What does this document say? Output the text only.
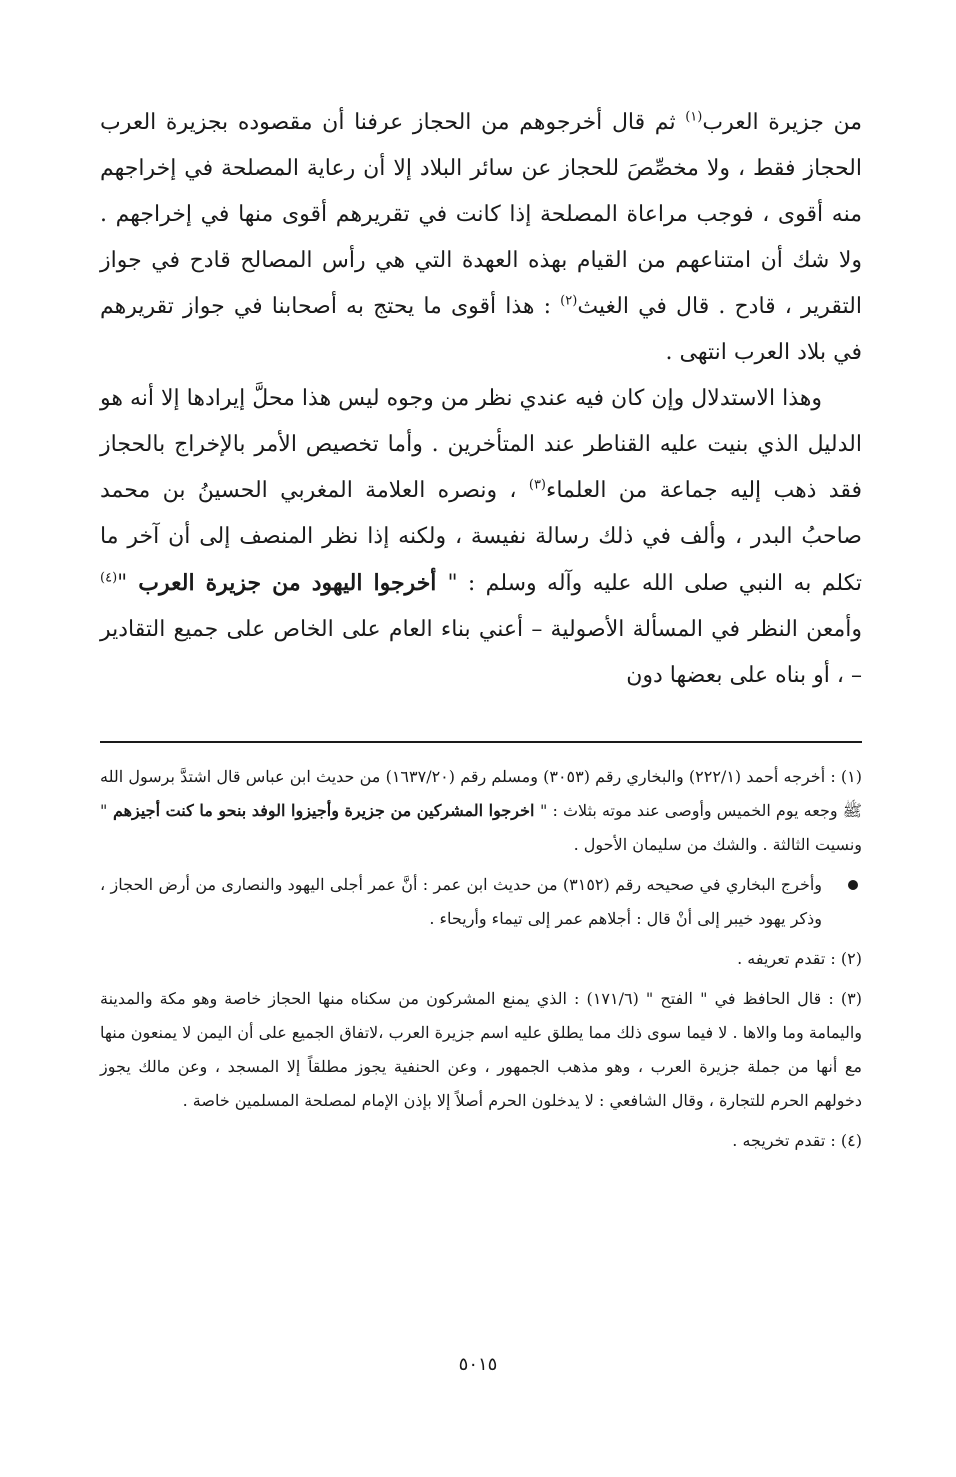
من جزيرة العرب$^{(١)}$ ثم قال أخرجوهم من الحجاز عرفنا أن مقصوده بجزيرة العرب الحجاز فقط ، ولا مخصِّصَ للحجاز عن سائر البلاد إلا أن رعاية المصلحة في إخراجهم منه أقوى ، فوجب مراعاة المصلحة إذا كانت في تقريرهم أقوى منها في إخراجهم . ولا شك أن امتناعهم من القيام بهذه العهدة التي هي رأس المصالح قادح في جواز التقرير ، قادح . قال في الغيث$^{(٢)}$ : هذا أقوى ما يحتج به أصحابنا في جواز تقريرهم في بلاد العرب انتهى .

وهذا الاستدلال وإن كان فيه عندي نظر من وجوه ليس هذا محلَّ إيرادها إلا أنه هو الدليل الذي بنيت عليه القناطر عند المتأخرين . وأما تخصيص الأمر بالإخراج بالحجاز فقد ذهب إليه جماعة من العلماء$^{(٣)}$ ، ونصره العلامة المغربي الحسينُ بن محمد صاحبُ البدر ، وألف في ذلك رسالة نفيسة ، ولكنه إذا نظر المنصف إلى أن آخر ما تكلم به النبي صلى الله عليه وآله وسلم : " أخرجوا اليهود من جزيرة العرب "$^{(٤)}$ وأمعن النظر في المسألة الأصولية – أعني بناء العام على الخاص على جميع التقادير – ، أو بناه على بعضها دون

(١) : أخرجه أحمد (٢٢٢/١) والبخاري رقم (٣٠٥٣) ومسلم رقم (١٦٣٧/٢٠) من حديث ابن عباس قال اشتدَّ برسول الله ﷺ وجعه يوم الخميس وأوصى عند موته بثلاث : " اخرجوا المشركين من جزيرة وأجيزوا الوفد بنحو ما كنت أجيزهم " ونسيت الثالثة . والشك من سليمان الأحول .
وأخرج البخاري في صحيحه رقم (٣١٥٢) من حديث ابن عمر : أنَّ عمر أجلى اليهود والنصارى من أرض الحجاز ، وذكر يهود خيبر إلى أنْ قال : أجلاهم عمر إلى تيماء وأريحاء .
(٢) : تقدم تعريفه .
(٣) : قال الحافظ في " الفتح " (١٧١/٦) : الذي يمنع المشركون من سكناه منها الحجاز خاصة وهو مكة والمدينة واليمامة وما والاها . لا فيما سوى ذلك مما يطلق عليه اسم جزيرة العرب ،لاتفاق الجميع على أن اليمن لا يمنعون منها مع أنها من جملة جزيرة العرب ، وهو مذهب الجمهور ، وعن الحنفية يجوز مطلقاً إلا المسجد ، وعن مالك يجوز دخولهم الحرم للتجارة ، وقال الشافعي : لا يدخلون الحرم أصلاً إلا بإذن الإمام لمصلحة المسلمين خاصة .
(٤) : تقدم تخريجه .
٥٠١٥
